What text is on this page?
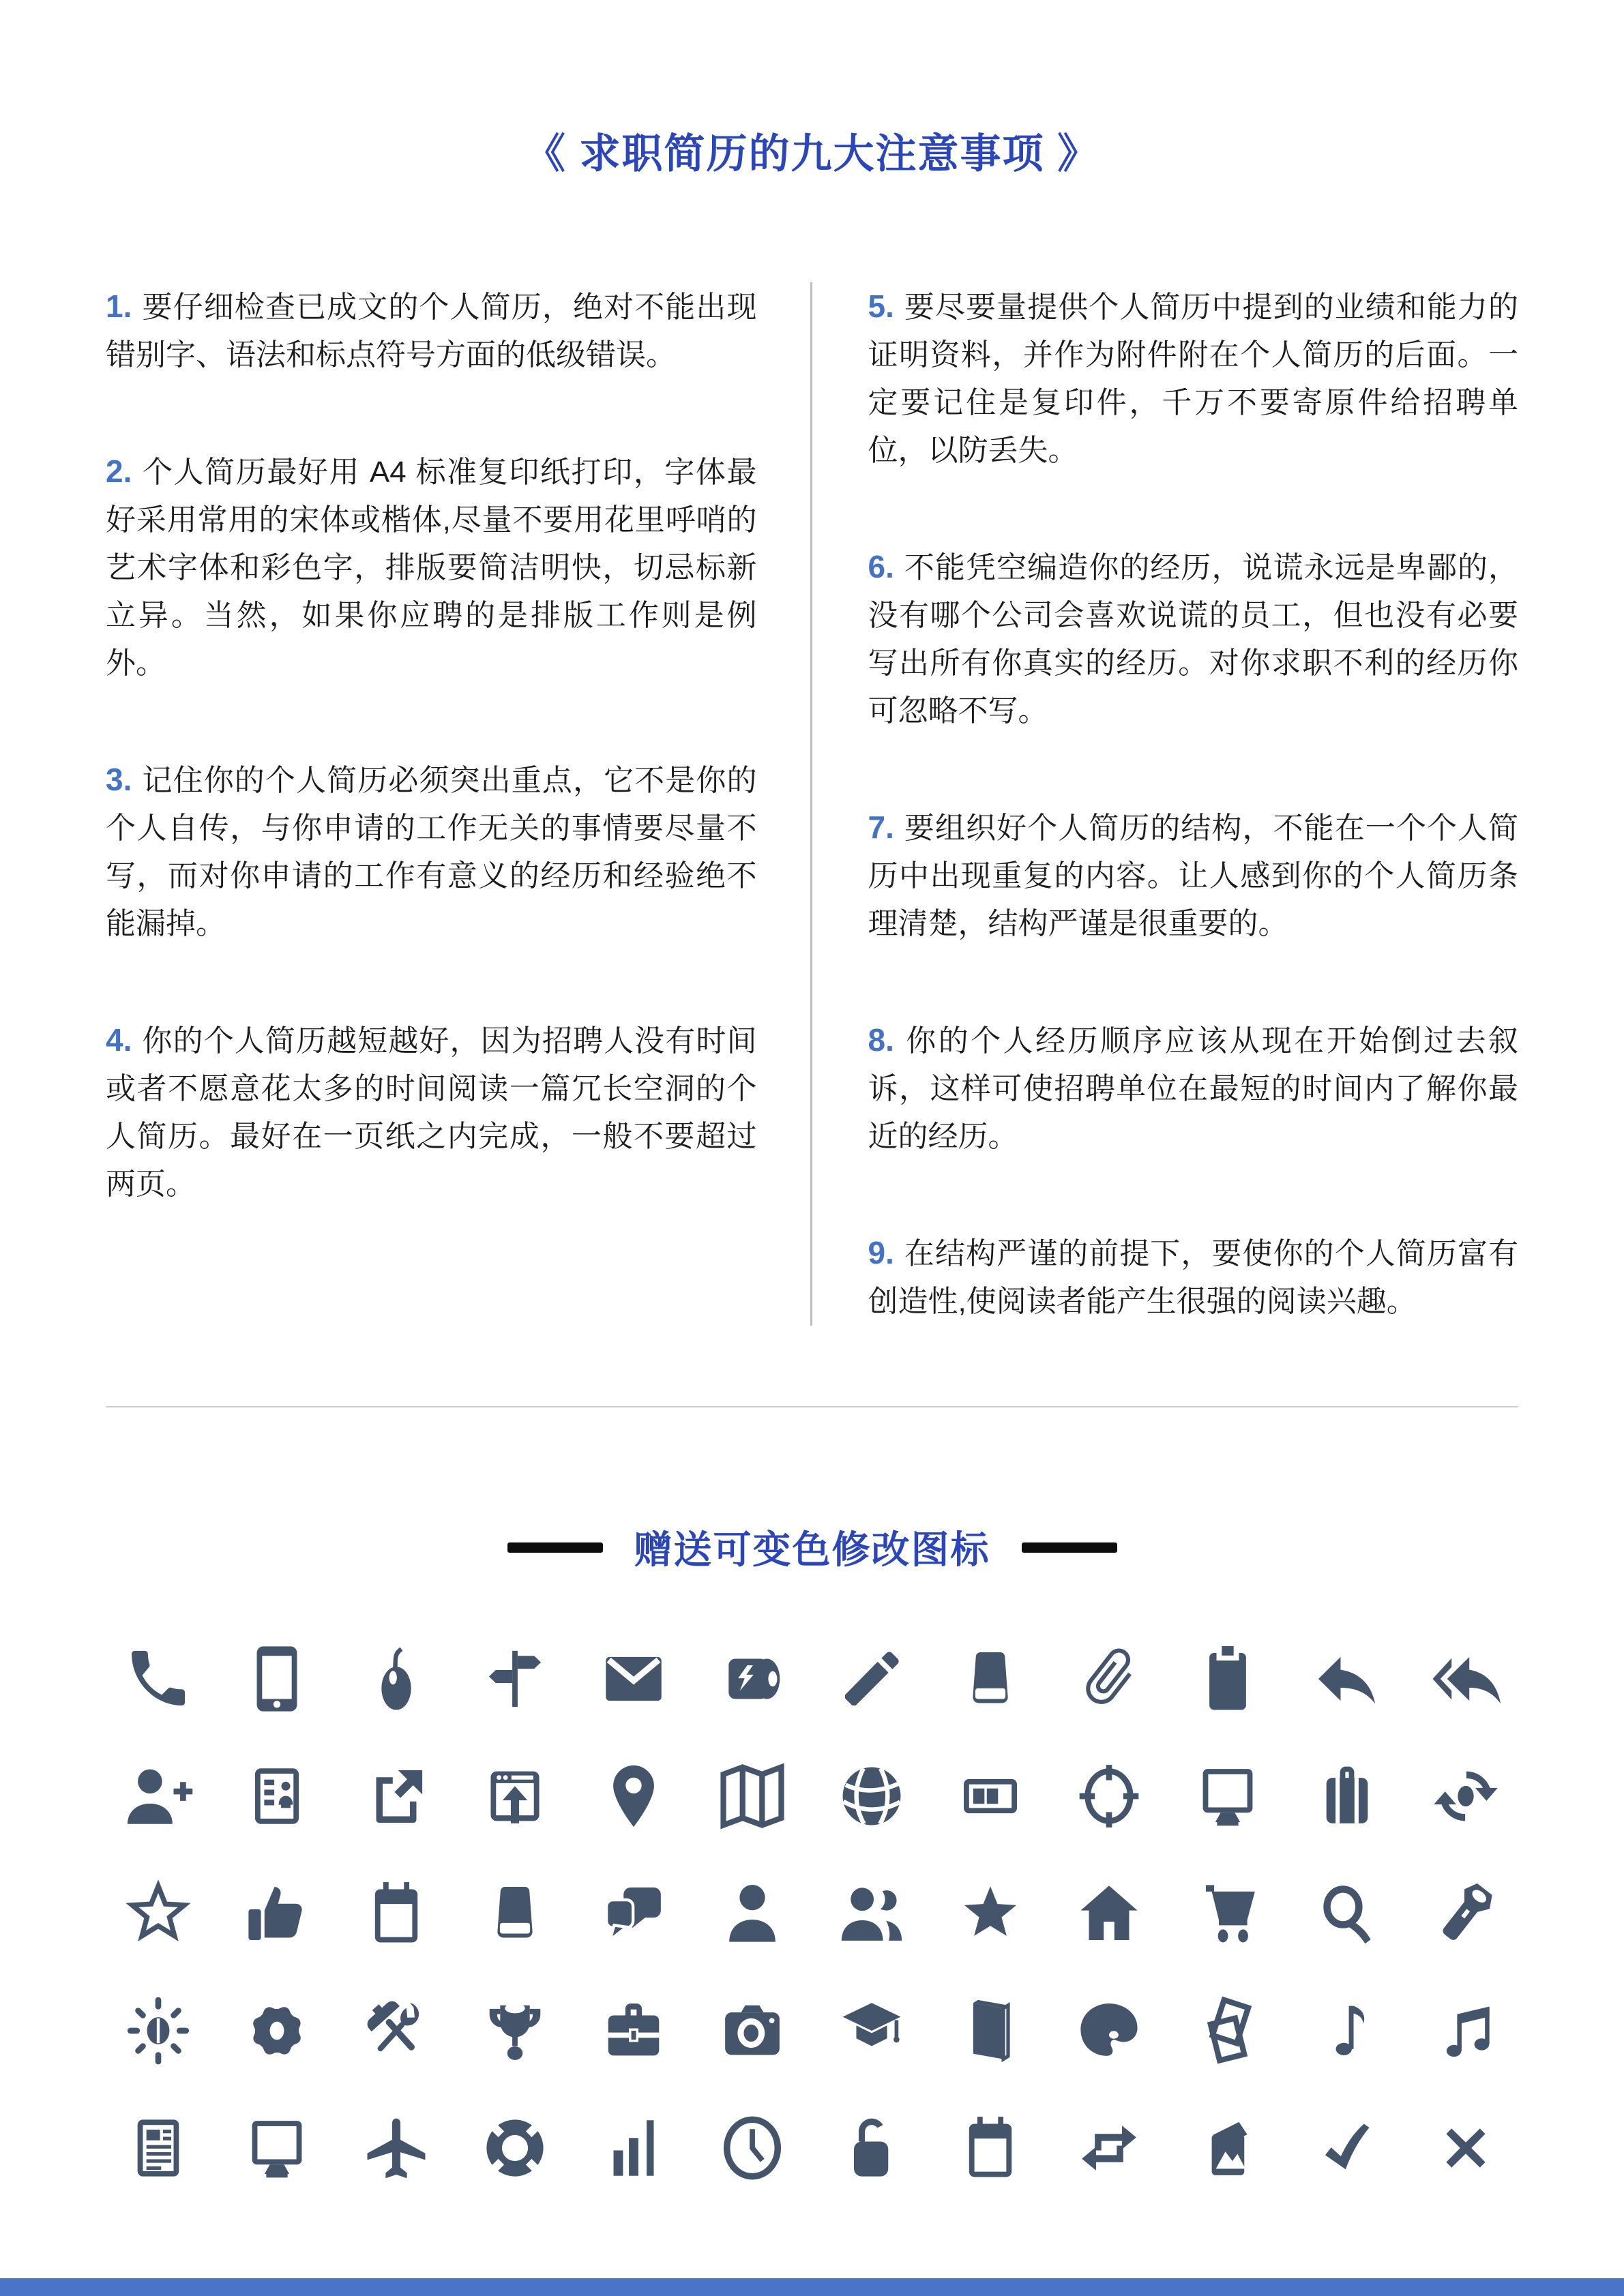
《 求职简历的九大注意事项 》

1. 要仔细检查已成文的个人简历，绝对不能出现错别字、语法和标点符号方面的低级错误。

2. 个人简历最好用 A4 标准复印纸打印，字体最好采用常用的宋体或楷体,尽量不要用花里呼哨的艺术字体和彩色字，排版要简洁明快，切忌标新立异。当然，如果你应聘的是排版工作则是例外。

3. 记住你的个人简历必须突出重点，它不是你的个人自传，与你申请的工作无关的事情要尽量不写，而对你申请的工作有意义的经历和经验绝不能漏掉。

4. 你的个人简历越短越好，因为招聘人没有时间或者不愿意花太多的时间阅读一篇冗长空洞的个人简历。最好在一页纸之内完成，一般不要超过两页。

5. 要尽要量提供个人简历中提到的业绩和能力的证明资料，并作为附件附在个人简历的后面。一定要记住是复印件，千万不要寄原件给招聘单位，以防丢失。

6. 不能凭空编造你的经历，说谎永远是卑鄙的，没有哪个公司会喜欢说谎的员工，但也没有必要写出所有你真实的经历。对你求职不利的经历你可忽略不写。

7. 要组织好个人简历的结构，不能在一个个人简历中出现重复的内容。让人感到你的个人简历条理清楚，结构严谨是很重要的。

8. 你的个人经历顺序应该从现在开始倒过去叙诉，这样可使招聘单位在最短的时间内了解你最近的经历。

9. 在结构严谨的前提下，要使你的个人简历富有创造性,使阅读者能产生很强的阅读兴趣。

赠送可变色修改图标
